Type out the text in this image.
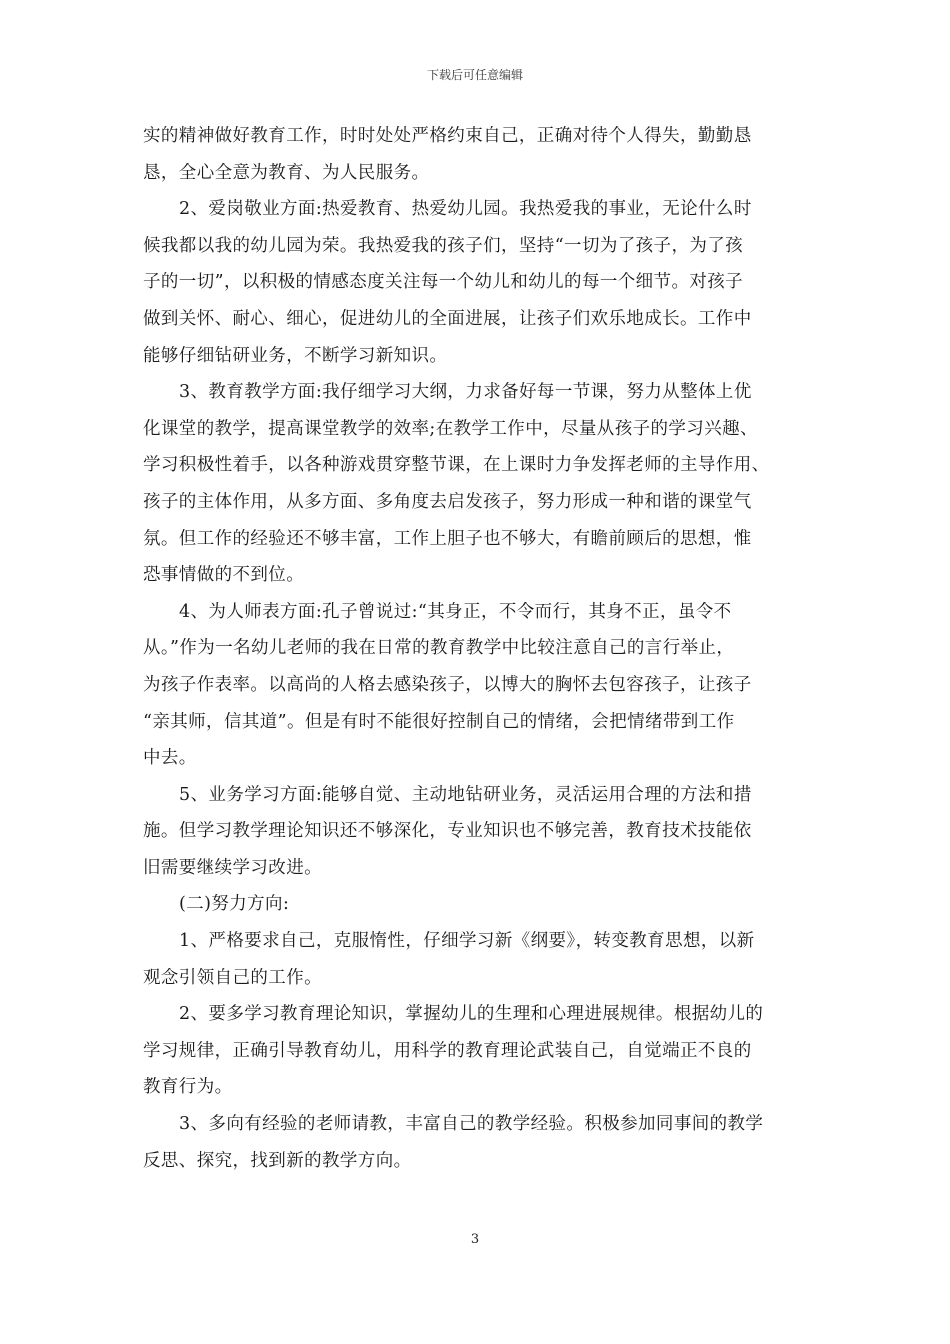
下载后可任意编辑
实的精神做好教育工作，时时处处严格约束自己，正确对待个人得失，勤勤恳
恳，全心全意为教育、为人民服务。
2、爱岗敬业方面:热爱教育、热爱幼儿园。我热爱我的事业，无论什么时
候我都以我的幼儿园为荣。我热爱我的孩子们，坚持“一切为了孩子，为了孩
子的一切”，以积极的情感态度关注每一个幼儿和幼儿的每一个细节。对孩子
做到关怀、耐心、细心，促进幼儿的全面进展，让孩子们欢乐地成长。工作中
能够仔细钻研业务，不断学习新知识。
3、教育教学方面:我仔细学习大纲，力求备好每一节课，努力从整体上优
化课堂的教学，提高课堂教学的效率;在教学工作中，尽量从孩子的学习兴趣、
学习积极性着手，以各种游戏贯穿整节课，在上课时力争发挥老师的主导作用、
孩子的主体作用，从多方面、多角度去启发孩子，努力形成一种和谐的课堂气
氛。但工作的经验还不够丰富，工作上胆子也不够大，有瞻前顾后的思想，惟
恐事情做的不到位。
4、为人师表方面:孔子曾说过:“其身正，不令而行，其身不正，虽令不
从。”作为一名幼儿老师的我在日常的教育教学中比较注意自己的言行举止，
为孩子作表率。以高尚的人格去感染孩子，以博大的胸怀去包容孩子，让孩子
“亲其师，信其道”。但是有时不能很好控制自己的情绪，会把情绪带到工作
中去。
5、业务学习方面:能够自觉、主动地钻研业务，灵活运用合理的方法和措
施。但学习教学理论知识还不够深化，专业知识也不够完善，教育技术技能依
旧需要继续学习改进。
(二)努力方向:
1、严格要求自己，克服惰性，仔细学习新《纲要》，转变教育思想，以新
观念引领自己的工作。
2、要多学习教育理论知识，掌握幼儿的生理和心理进展规律。根据幼儿的
学习规律，正确引导教育幼儿，用科学的教育理论武装自己，自觉端正不良的
教育行为。
3、多向有经验的老师请教，丰富自己的教学经验。积极参加同事间的教学
反思、探究，找到新的教学方向。
3
